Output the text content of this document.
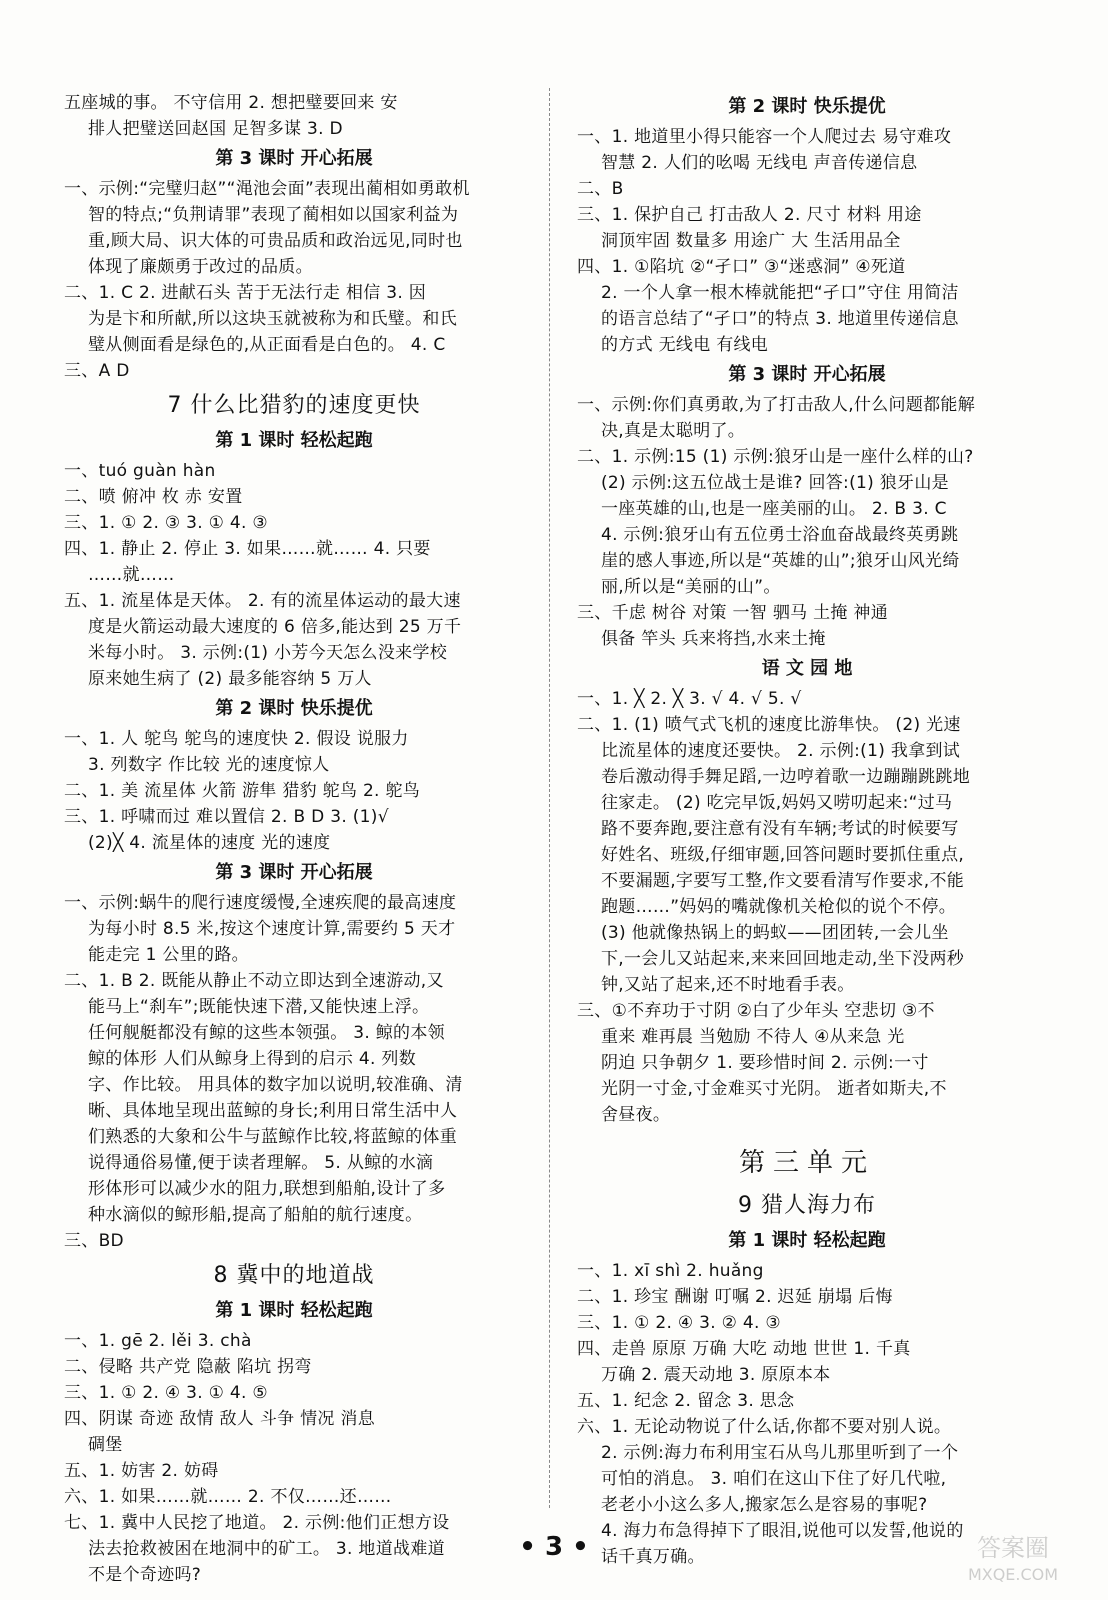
五座城的事。 不守信用 2. 想把璧要回来 安
排人把璧送回赵国 足智多谋 3. D
第 3 课时 开心拓展
一、示例:“完璧归赵”“渑池会面”表现出蔺相如勇敢机
智的特点;“负荆请罪”表现了蔺相如以国家利益为
重,顾大局、识大体的可贵品质和政治远见,同时也
体现了廉颇勇于改过的品质。
二、1. C 2. 进献石头 苦于无法行走 相信 3. 因
为是卞和所献,所以这块玉就被称为和氏璧。和氏
璧从侧面看是绿色的,从正面看是白色的。 4. C
三、A D
7 什么比猎豹的速度更快
第 1 课时 轻松起跑
一、tuó guàn hàn
二、喷 俯冲 枚 赤 安置
三、1. ① 2. ③ 3. ① 4. ③
四、1. 静止 2. 停止 3. 如果……就…… 4. 只要
……就……
五、1. 流星体是天体。 2. 有的流星体运动的最大速
度是火箭运动最大速度的 6 倍多,能达到 25 万千
米每小时。 3. 示例:(1) 小芳今天怎么没来学校
原来她生病了 (2) 最多能容纳 5 万人
第 2 课时 快乐提优
一、1. 人 鸵鸟 鸵鸟的速度快 2. 假设 说服力
3. 列数字 作比较 光的速度惊人
二、1. 美 流星体 火箭 游隼 猎豹 鸵鸟 2. 鸵鸟
三、1. 呼啸而过 难以置信 2. B D 3. (1)√
(2)╳ 4. 流星体的速度 光的速度
第 3 课时 开心拓展
一、示例:蜗牛的爬行速度缓慢,全速疾爬的最高速度
为每小时 8.5 米,按这个速度计算,需要约 5 天才
能走完 1 公里的路。
二、1. B 2. 既能从静止不动立即达到全速游动,又
能马上“刹车”;既能快速下潜,又能快速上浮。
任何舰艇都没有鲸的这些本领强。 3. 鲸的本领
鲸的体形 人们从鲸身上得到的启示 4. 列数
字、作比较。 用具体的数字加以说明,较准确、清
晰、具体地呈现出蓝鲸的身长;利用日常生活中人
们熟悉的大象和公牛与蓝鲸作比较,将蓝鲸的体重
说得通俗易懂,便于读者理解。 5. 从鲸的水滴
形体形可以减少水的阻力,联想到船舶,设计了多
种水滴似的鲸形船,提高了船舶的航行速度。
三、BD
8 冀中的地道战
第 1 课时 轻松起跑
一、1. gē 2. lěi 3. chà
二、侵略 共产党 隐蔽 陷坑 拐弯
三、1. ① 2. ④ 3. ① 4. ⑤
四、阴谋 奇迹 敌情 敌人 斗争 情况 消息
碉堡
五、1. 妨害 2. 妨碍
六、1. 如果……就…… 2. 不仅……还……
七、1. 冀中人民挖了地道。 2. 示例:他们正想方设
法去抢救被困在地洞中的矿工。 3. 地道战难道
不是个奇迹吗?
第 2 课时 快乐提优
一、1. 地道里小得只能容一个人爬过去 易守难攻
智慧 2. 人们的吆喝 无线电 声音传递信息
二、B
三、1. 保护自己 打击敌人 2. 尺寸 材料 用途
洞顶牢固 数量多 用途广 大 生活用品全
四、1. ①陷坑 ②“孑口” ③“迷惑洞” ④死道
2. 一个人拿一根木棒就能把“孑口”守住 用简洁
的语言总结了“孑口”的特点 3. 地道里传递信息
的方式 无线电 有线电
第 3 课时 开心拓展
一、示例:你们真勇敢,为了打击敌人,什么问题都能解
决,真是太聪明了。
二、1. 示例:15 (1) 示例:狼牙山是一座什么样的山?
(2) 示例:这五位战士是谁? 回答:(1) 狼牙山是
一座英雄的山,也是一座美丽的山。 2. B 3. C
4. 示例:狼牙山有五位勇士浴血奋战最终英勇跳
崖的感人事迹,所以是“英雄的山”;狼牙山风光绮
丽,所以是“美丽的山”。
三、千虑 树谷 对策 一智 驷马 土掩 神通
俱备 竿头 兵来将挡,水来土掩
语 文 园 地
一、1. ╳ 2. ╳ 3. √ 4. √ 5. √
二、1. (1) 喷气式飞机的速度比游隼快。 (2) 光速
比流星体的速度还要快。 2. 示例:(1) 我拿到试
卷后激动得手舞足蹈,一边哼着歌一边蹦蹦跳跳地
往家走。 (2) 吃完早饭,妈妈又唠叨起来:“过马
路不要奔跑,要注意有没有车辆;考试的时候要写
好姓名、班级,仔细审题,回答问题时要抓住重点,
不要漏题,字要写工整,作文要看清写作要求,不能
跑题……”妈妈的嘴就像机关枪似的说个不停。
(3) 他就像热锅上的蚂蚁——团团转,一会儿坐
下,一会儿又站起来,来来回回地走动,坐下没两秒
钟,又站了起来,还不时地看手表。
三、①不弃功于寸阴 ②白了少年头 空悲切 ③不
重来 难再晨 当勉励 不待人 ④从来急 光
阴迫 只争朝夕 1. 要珍惜时间 2. 示例:一寸
光阴一寸金,寸金难买寸光阴。 逝者如斯夫,不
舍昼夜。
第三单元
9 猎人海力布
第 1 课时 轻松起跑
一、1. xī shì 2. huǎng
二、1. 珍宝 酬谢 叮嘱 2. 迟延 崩塌 后悔
三、1. ① 2. ④ 3. ② 4. ③
四、走兽 原原 万确 大吃 动地 世世 1. 千真
万确 2. 震天动地 3. 原原本本
五、1. 纪念 2. 留念 3. 思念
六、1. 无论动物说了什么话,你都不要对别人说。
2. 示例:海力布利用宝石从鸟儿那里听到了一个
可怕的消息。 3. 咱们在这山下住了好几代啦,
老老小小这么多人,搬家怎么是容易的事呢?
4. 海力布急得掉下了眼泪,说他可以发誓,他说的
话千真万确。
• 3 •	答案圈
MXQE.COM
